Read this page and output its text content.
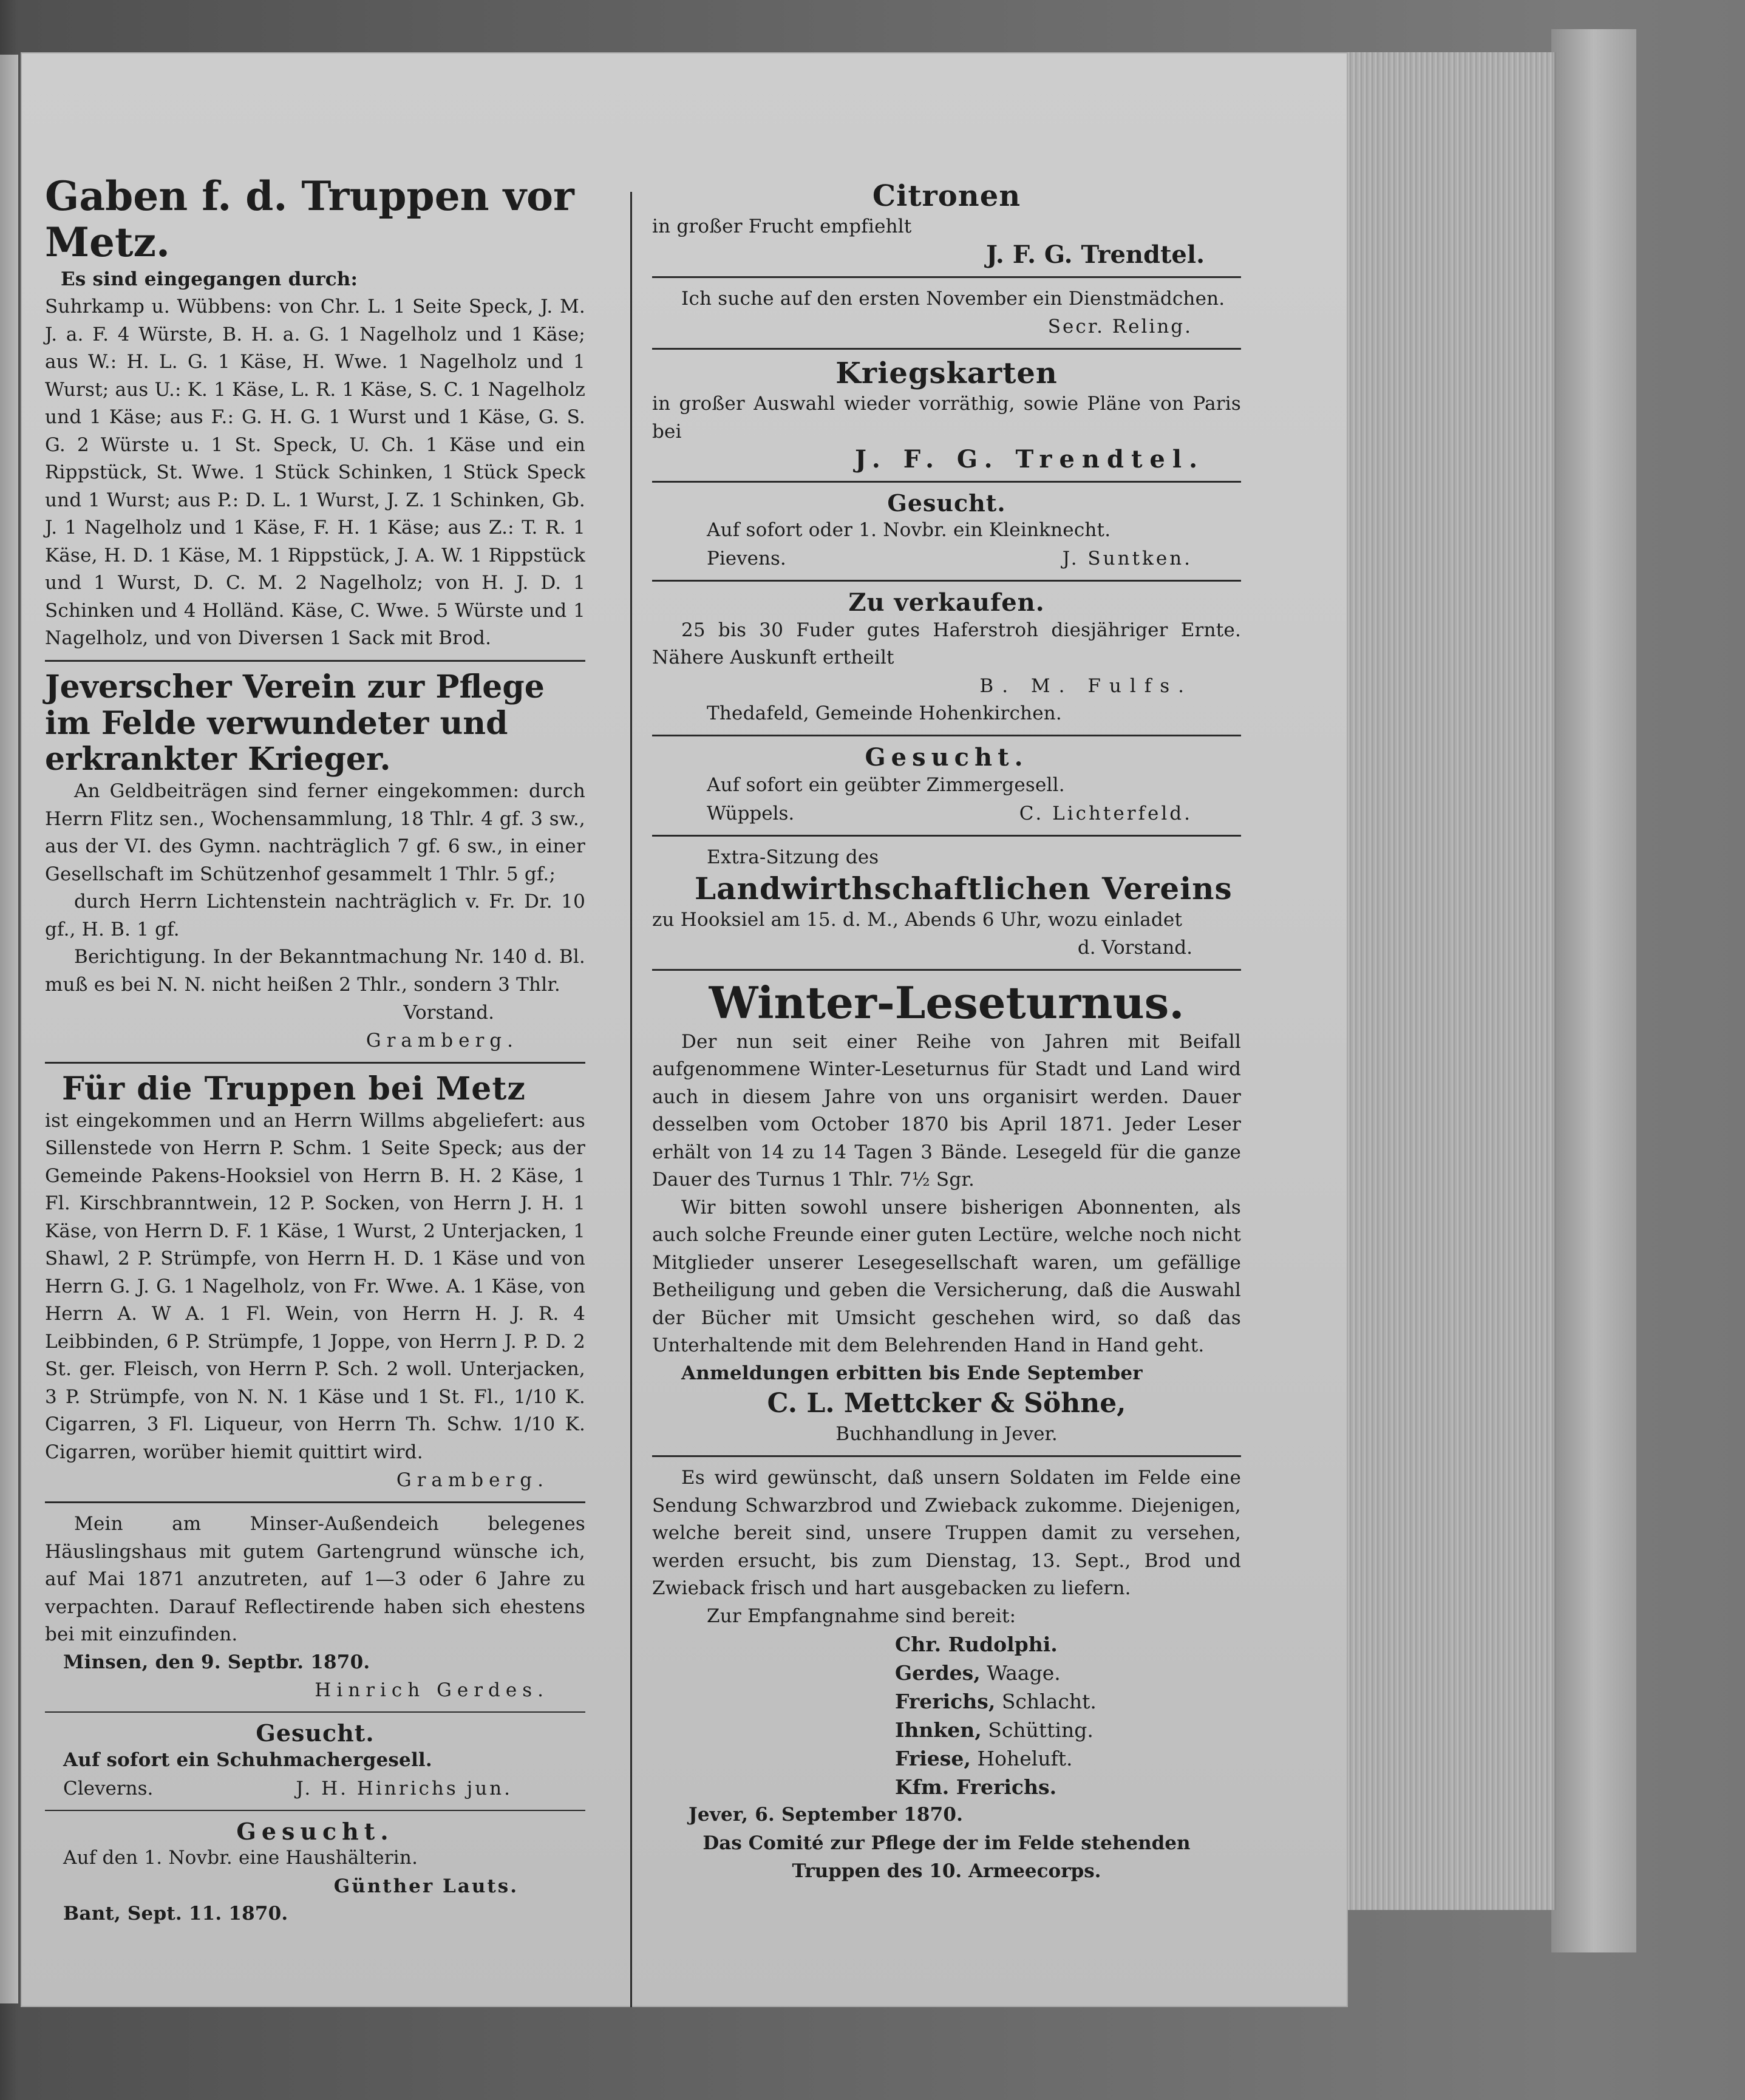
Gaben f. d. Truppen vor Metz.
Es sind eingegangen durch:
Suhrkamp u. Wübbens: von Chr. L. 1 Seite Speck, J. M. J. a. F. 4 Würste, B. H. a. G. 1 Nagelholz und 1 Käse; aus W.: H. L. G. 1 Käse, H. Wwe. 1 Nagelholz und 1 Wurst; aus U.: K. 1 Käse, L. R. 1 Käse, S. C. 1 Nagelholz und 1 Käse; aus F.: G. H. G. 1 Wurst und 1 Käse, G. S. G. 2 Würste u. 1 St. Speck, U. Ch. 1 Käse und ein Rippstück, St. Wwe. 1 Stück Schinken, 1 Stück Speck und 1 Wurst; aus P.: D. L. 1 Wurst, J. Z. 1 Schinken, Gb. J. 1 Nagelholz und 1 Käse, F. H. 1 Käse; aus Z.: T. R. 1 Käse, H. D. 1 Käse, M. 1 Rippstück, J. A. W. 1 Rippstück und 1 Wurst, D. C. M. 2 Nagelholz; von H. J. D. 1 Schinken und 4 Holländ. Käse, C. Wwe. 5 Würste und 1 Nagelholz, und von Diversen 1 Sack mit Brod.
Jeverscher Verein zur Pflege im Felde verwundeter und erkrankter Krieger.
An Geldbeiträgen sind ferner eingekommen: durch Herrn Flitz sen., Wochensammlung, 18 Thlr. 4 gf. 3 sw., aus der VI. des Gymn. nachträglich 7 gf. 6 sw., in einer Gesellschaft im Schützenhof gesammelt 1 Thlr. 5 gf.;
durch Herrn Lichtenstein nachträglich v. Fr. Dr. 10 gf., H. B. 1 gf.
Berichtigung. In der Bekanntmachung Nr. 140 d. Bl. muß es bei N. N. nicht heißen 2 Thlr., sondern 3 Thlr.
Vorstand.
Gramberg.
Für die Truppen bei Metz
ist eingekommen und an Herrn Willms abgeliefert: aus Sillenstede von Herrn P. Schm. 1 Seite Speck; aus der Gemeinde Pakens-Hooksiel von Herrn B. H. 2 Käse, 1 Fl. Kirschbranntwein, 12 P. Socken, von Herrn J. H. 1 Käse, von Herrn D. F. 1 Käse, 1 Wurst, 2 Unterjacken, 1 Shawl, 2 P. Strümpfe, von Herrn H. D. 1 Käse und von Herrn G. J. G. 1 Nagelholz, von Fr. Wwe. A. 1 Käse, von Herrn A. W A. 1 Fl. Wein, von Herrn H. J. R. 4 Leibbinden, 6 P. Strümpfe, 1 Joppe, von Herrn J. P. D. 2 St. ger. Fleisch, von Herrn P. Sch. 2 woll. Unterjacken, 3 P. Strümpfe, von N. N. 1 Käse und 1 St. Fl., 1/10 K. Cigarren, 3 Fl. Liqueur, von Herrn Th. Schw. 1/10 K. Cigarren, worüber hiemit quittirt wird.
Gramberg.
Mein am Minser-Außendeich belegenes Häuslingshaus mit gutem Gartengrund wünsche ich, auf Mai 1871 anzutreten, auf 1—3 oder 6 Jahre zu verpachten. Darauf Reflectirende haben sich ehestens bei mit einzufinden.
Minsen, den 9. Septbr. 1870.
Hinrich Gerdes.
Gesucht.
Auf sofort ein Schuhmachergesell.
Cleverns.	J. H. Hinrichs jun.
Gesucht.
Auf den 1. Novbr. eine Haushälterin.
Günther Lauts.
Bant, Sept. 11. 1870.
Citronen
in großer Frucht empfiehlt
J. F. G. Trendtel.
Ich suche auf den ersten November ein Dienstmädchen.
Secr. Reling.
Kriegskarten
in großer Auswahl wieder vorräthig, sowie Pläne von Paris bei
J. F. G. Trendtel.
Gesucht.
Auf sofort oder 1. Novbr. ein Kleinknecht.
Pievens.	J. Suntken.
Zu verkaufen.
25 bis 30 Fuder gutes Haferstroh diesjähriger Ernte. Nähere Auskunft ertheilt
B. M. Fulfs.
Thedafeld, Gemeinde Hohenkirchen.
Gesucht.
Auf sofort ein geübter Zimmergesell.
Wüppels.	C. Lichterfeld.
Extra-Sitzung des
Landwirthschaftlichen Vereins
zu Hooksiel am 15. d. M., Abends 6 Uhr, wozu einladet
d. Vorstand.
Winter-Leseturnus.
Der nun seit einer Reihe von Jahren mit Beifall aufgenommene Winter-Leseturnus für Stadt und Land wird auch in diesem Jahre von uns organisirt werden. Dauer desselben vom October 1870 bis April 1871. Jeder Leser erhält von 14 zu 14 Tagen 3 Bände. Lesegeld für die ganze Dauer des Turnus 1 Thlr. 7½ Sgr.
Wir bitten sowohl unsere bisherigen Abonnenten, als auch solche Freunde einer guten Lectüre, welche noch nicht Mitglieder unserer Lesegesellschaft waren, um gefällige Betheiligung und geben die Versicherung, daß die Auswahl der Bücher mit Umsicht geschehen wird, so daß das Unterhaltende mit dem Belehrenden Hand in Hand geht.
Anmeldungen erbitten bis Ende September
C. L. Mettcker & Söhne,
Buchhandlung in Jever.
Es wird gewünscht, daß unsern Soldaten im Felde eine Sendung Schwarzbrod und Zwieback zukomme. Diejenigen, welche bereit sind, unsere Truppen damit zu versehen, werden ersucht, bis zum Dienstag, 13. Sept., Brod und Zwieback frisch und hart ausgebacken zu liefern.
Zur Empfangnahme sind bereit:
Chr. Rudolphi.
Gerdes, Waage.
Frerichs, Schlacht.
Ihnken, Schütting.
Friese, Hoheluft.
Kfm. Frerichs.
Jever, 6. September 1870.
Das Comité zur Pflege der im Felde stehenden
Truppen des 10. Armeecorps.
